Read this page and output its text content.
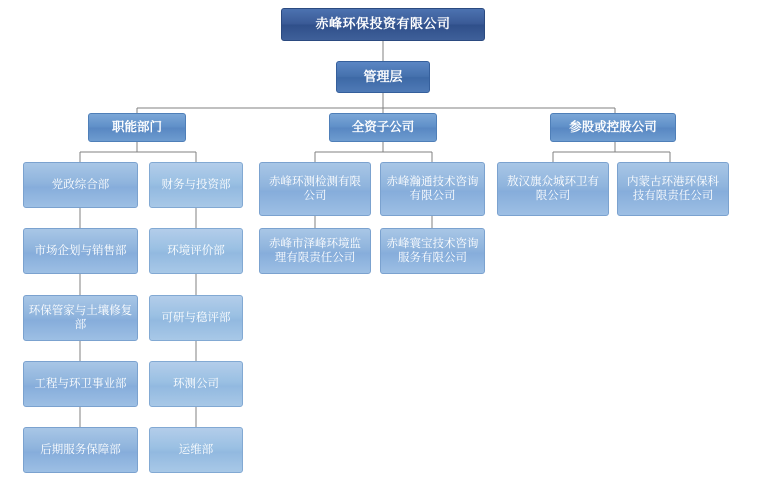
赤峰环保投资有限公司
管理层
职能部门	全资子公司	参股或控股公司
党政综合部
市场企划与销售部
环保管家与土壤修复部
工程与环卫事业部
后期服务保障部
财务与投资部
环境评价部
可研与稳评部
环测公司
运维部
赤峰环测检测有限公司
赤峰市泽峰环境监理有限责任公司
赤峰瀚通技术咨询有限公司
赤峰寰宝技术咨询服务有限公司
敖汉旗众城环卫有限公司
内蒙古环港环保科技有限责任公司
